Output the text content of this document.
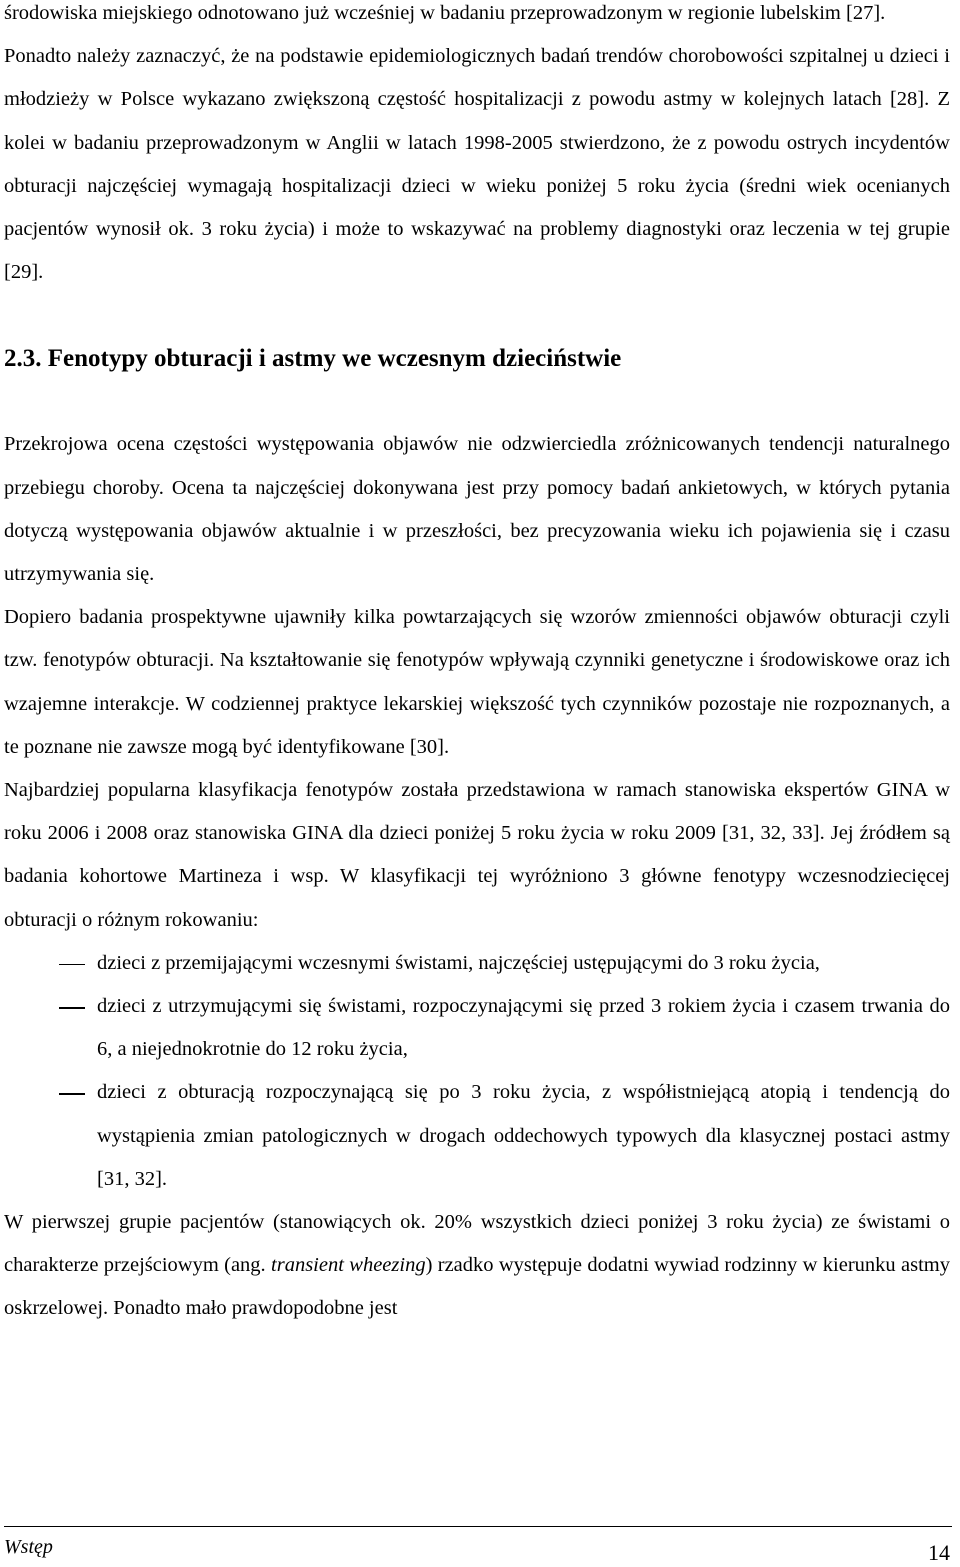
środowiska miejskiego odnotowano już wcześniej w badaniu przeprowadzonym w regionie lubelskim [27].

Ponadto należy zaznaczyć, że na podstawie epidemiologicznych badań trendów chorobowości szpitalnej u dzieci i młodzieży w Polsce wykazano zwiększoną częstość hospitalizacji z powodu astmy w kolejnych latach [28]. Z kolei w badaniu przeprowadzonym w Anglii w latach 1998-2005 stwierdzono, że z powodu ostrych incydentów obturacji najczęściej wymagają hospitalizacji dzieci w wieku poniżej 5 roku życia (średni wiek ocenianych pacjentów wynosił ok. 3 roku życia) i może to wskazywać na problemy diagnostyki oraz leczenia w tej grupie [29].

2.3. Fenotypy obturacji i astmy we wczesnym dzieciństwie

Przekrojowa ocena częstości występowania objawów nie odzwierciedla zróżnicowanych tendencji naturalnego przebiegu choroby. Ocena ta najczęściej dokonywana jest przy pomocy badań ankietowych, w których pytania dotyczą występowania objawów aktualnie i w przeszłości, bez precyzowania wieku ich pojawienia się i czasu utrzymywania się.

Dopiero badania prospektywne ujawniły kilka powtarzających się wzorów zmienności objawów obturacji czyli tzw. fenotypów obturacji. Na kształtowanie się fenotypów wpływają czynniki genetyczne i środowiskowe oraz ich wzajemne interakcje. W codziennej praktyce lekarskiej większość tych czynników pozostaje nie rozpoznanych, a te poznane nie zawsze mogą być identyfikowane [30].

Najbardziej popularna klasyfikacja fenotypów została przedstawiona w ramach stanowiska ekspertów GINA w roku 2006 i 2008 oraz stanowiska GINA dla dzieci poniżej 5 roku życia w roku 2009 [31, 32, 33]. Jej źródłem są badania kohortowe Martineza i wsp. W klasyfikacji tej wyróżniono 3 główne fenotypy wczesnodziecięcej obturacji o różnym rokowaniu:

dzieci z przemijającymi wczesnymi świstami, najczęściej ustępującymi do 3 roku życia,
dzieci z utrzymującymi się świstami, rozpoczynającymi się przed 3 rokiem życia i czasem trwania do 6, a niejednokrotnie do 12 roku życia,
dzieci z obturacją rozpoczynającą się po 3 roku życia, z współistniejącą atopią i tendencją do wystąpienia zmian patologicznych w drogach oddechowych typowych dla klasycznej postaci astmy [31, 32].

W pierwszej grupie pacjentów (stanowiących ok. 20% wszystkich dzieci poniżej 3 roku życia) ze świstami o charakterze przejściowym (ang. transient wheezing) rzadko występuje dodatni wywiad rodzinny w kierunku astmy oskrzelowej. Ponadto mało prawdopodobne jest

Wstęp	14
